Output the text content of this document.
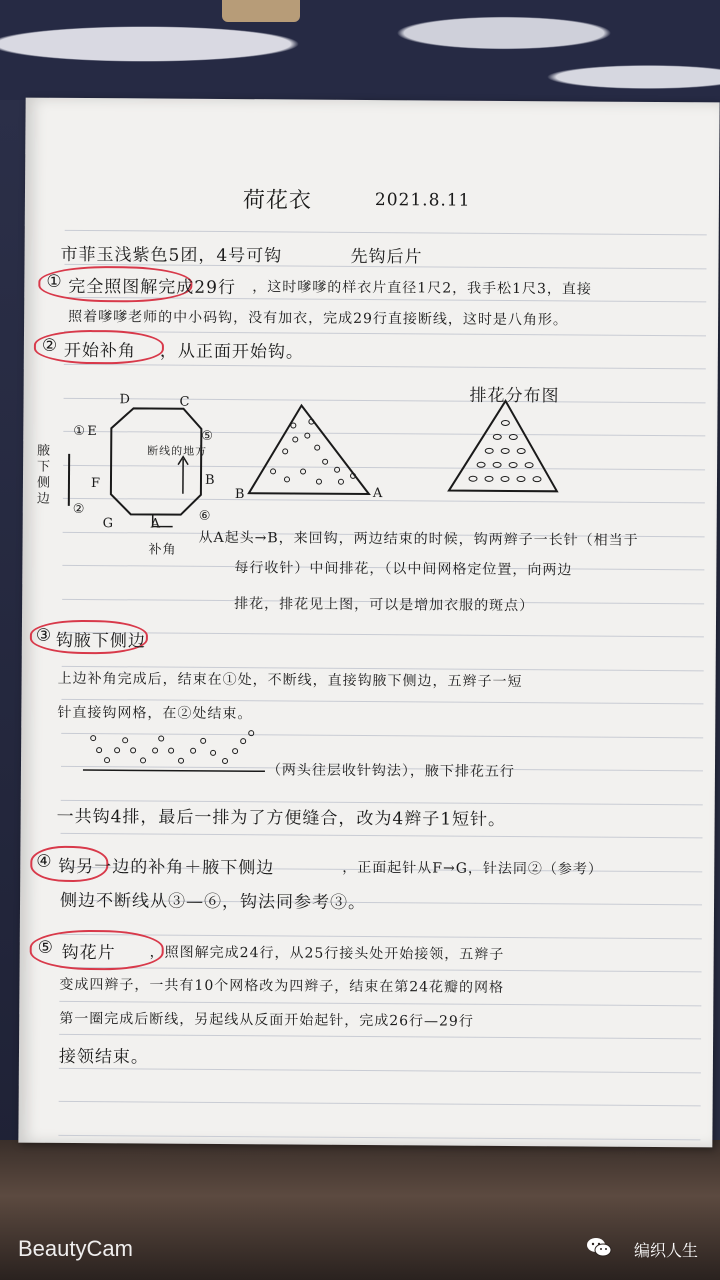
荷花衣	2021.8.11
市菲玉浅紫色5团，4号可钩	先钩后片
① 完全照图解完成29行 ，这时嗲嗲的样衣片直径1尺2，我手松1尺3，直接
照着嗲嗲老师的中小码钩，没有加衣，完成29行直接断线，这时是八角形。
② 开始补角 ，从正面开始钩。
D	C
E
F	B
G	A
腋下侧边
①
②
⑤
⑥
断线的地方
补角
A
B
排花分布图
从A起头→B，来回钩，两边结束的时候，钩两辫子一长针（相当于
每行收针）中间排花，（以中间网格定位置，向两边
排花，排花见上图，可以是增加衣服的斑点）
③ 钩腋下侧边
上边补角完成后，结束在①处，不断线，直接钩腋下侧边，五辫子一短
针直接钩网格，在②处结束。
（两头往层收针钩法），腋下排花五行
一共钩4排，最后一排为了方便缝合，改为4辫子1短针。
④ 钩另一边的补角＋腋下侧边	，正面起针从F→G，针法同②（参考）
侧边不断线从③—⑥，钩法同参考③。
⑤ 钩花片 ，照图解完成24行，从25行接头处开始接领，五辫子
变成四辫子，一共有10个网格改为四辫子，结束在第24花瓣的网格
第一圈完成后断线，另起线从反面开始起针，完成26行—29行
接领结束。
BeautyCam	编织人生
